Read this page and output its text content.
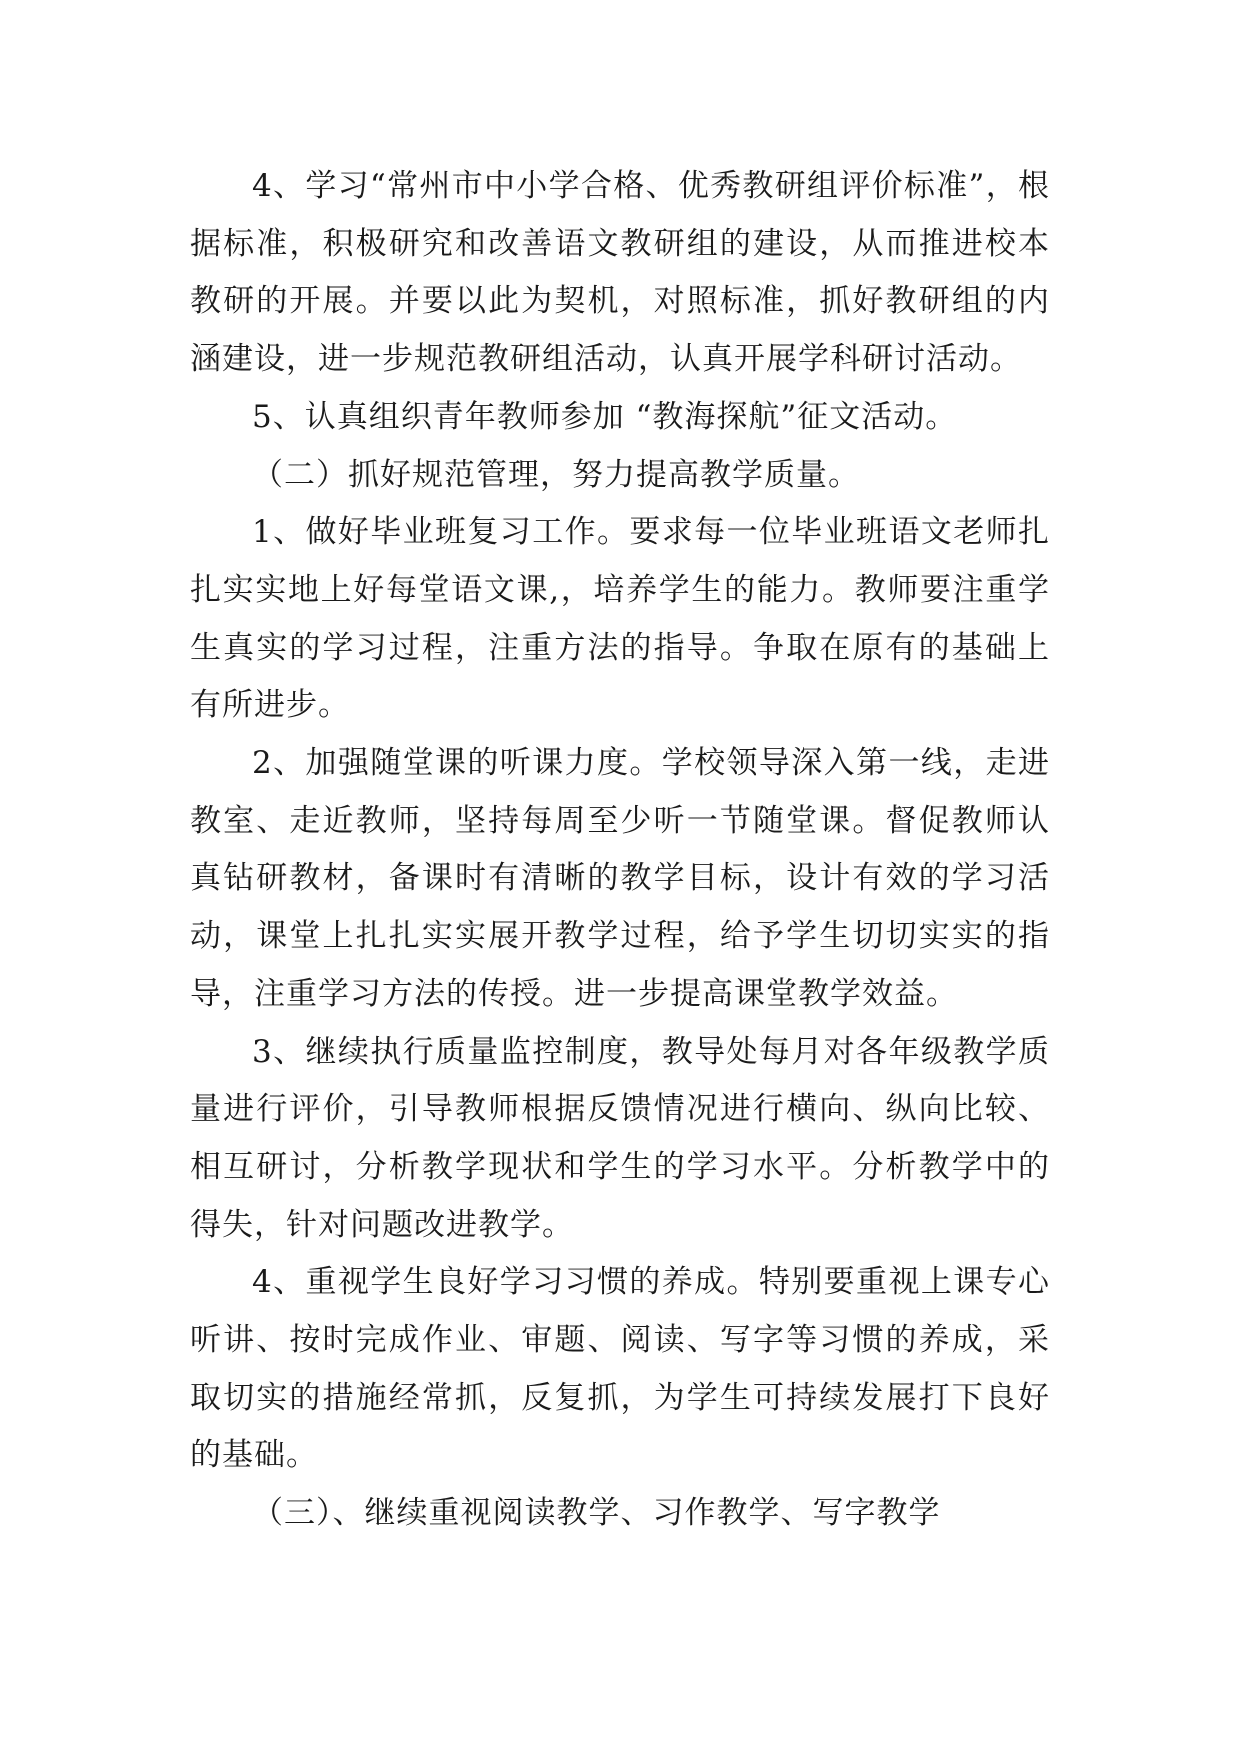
4、学习“常州市中小学合格、优秀教研组评价标准”，根据标准，积极研究和改善语文教研组的建设，从而推进校本教研的开展。并要以此为契机，对照标准，抓好教研组的内涵建设，进一步规范教研组活动，认真开展学科研讨活动。

5、认真组织青年教师参加 “教海探航”征文活动。

（二）抓好规范管理，努力提高教学质量。

1、做好毕业班复习工作。要求每一位毕业班语文老师扎扎实实地上好每堂语文课,，培养学生的能力。教师要注重学生真实的学习过程，注重方法的指导。争取在原有的基础上有所进步。

2、加强随堂课的听课力度。学校领导深入第一线，走进教室、走近教师，坚持每周至少听一节随堂课。督促教师认真钻研教材，备课时有清晰的教学目标，设计有效的学习活动，课堂上扎扎实实展开教学过程，给予学生切切实实的指导，注重学习方法的传授。进一步提高课堂教学效益。

3、继续执行质量监控制度，教导处每月对各年级教学质量进行评价，引导教师根据反馈情况进行横向、纵向比较、相互研讨，分析教学现状和学生的学习水平。分析教学中的得失，针对问题改进教学。

4、重视学生良好学习习惯的养成。特别要重视上课专心听讲、按时完成作业、审题、阅读、写字等习惯的养成，采取切实的措施经常抓，反复抓，为学生可持续发展打下良好的基础。

（三）、继续重视阅读教学、习作教学、写字教学
